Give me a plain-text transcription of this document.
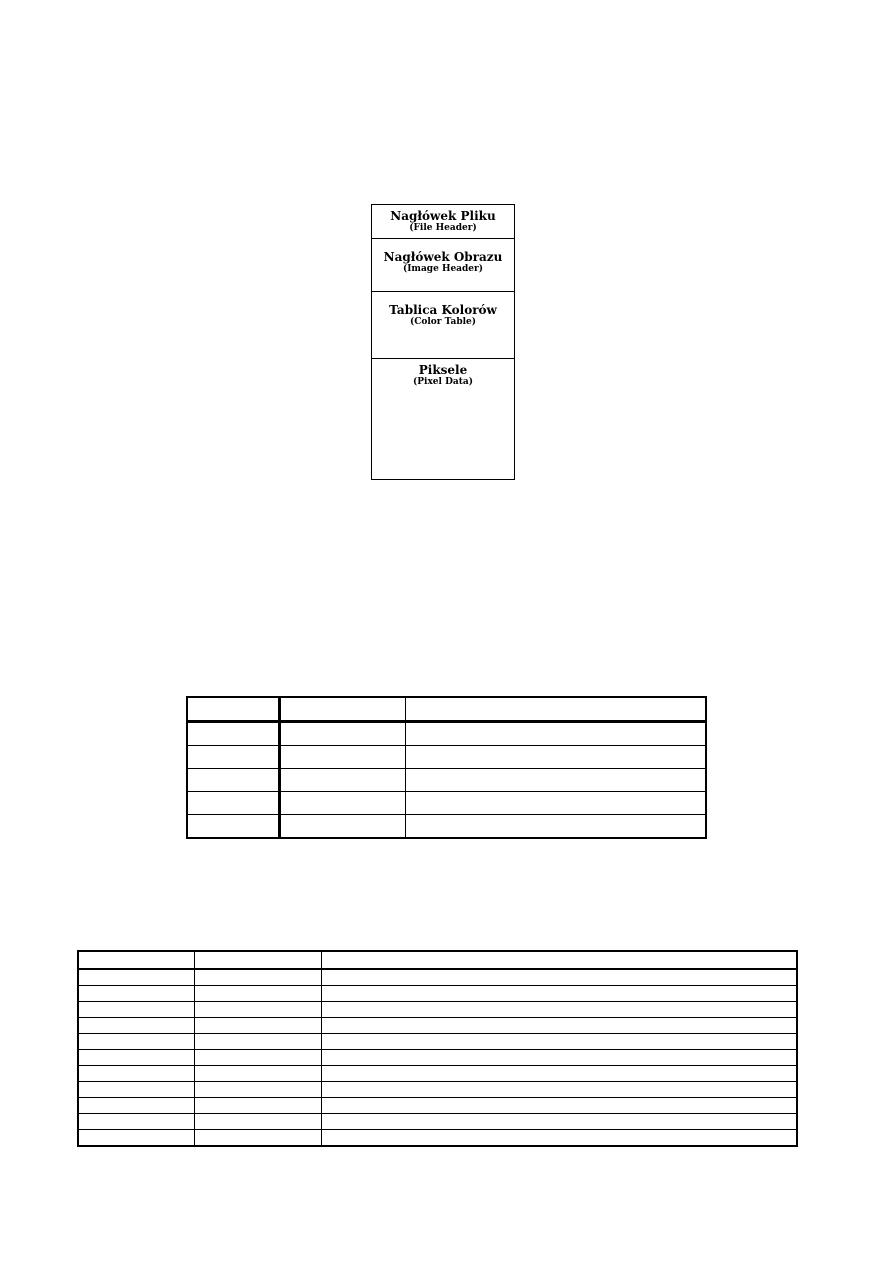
Nagłówek Pliku
(File Header)
Nagłówek Obrazu
(Image Header)
Tablica Kolorów
(Color Table)
Piksele
(Pixel Data)
